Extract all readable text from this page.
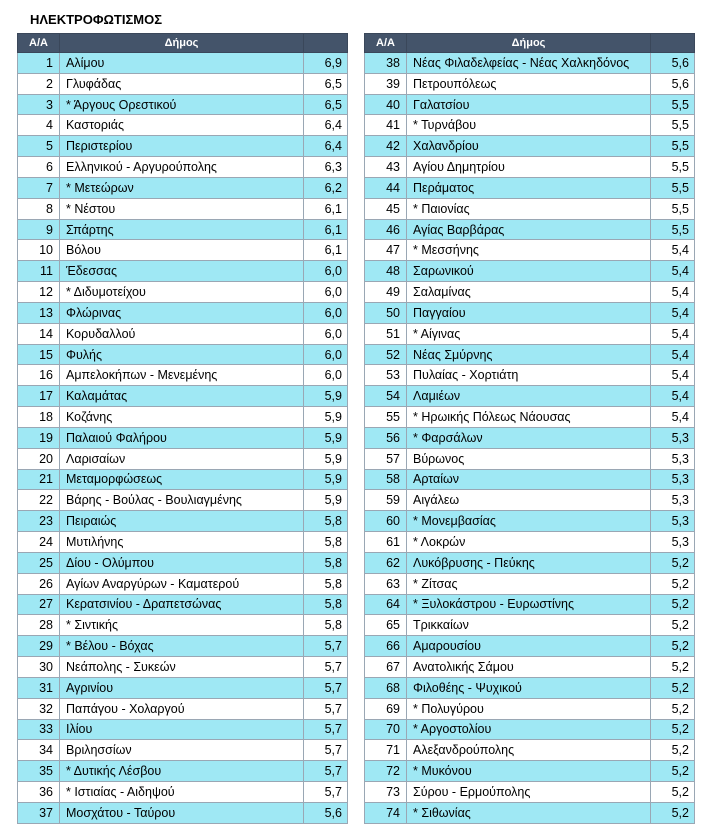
ΗΛΕΚΤΡΟΦΩΤΙΣΜΟΣ
Α/Α	Δήμος	
1	Αλίμου	6,9
2	Γλυφάδας	6,5
3	* Άργους Ορεστικού	6,5
4	Καστοριάς	6,4
5	Περιστερίου	6,4
6	Ελληνικού - Αργυρούπολης	6,3
7	* Μετεώρων	6,2
8	* Νέστου	6,1
9	Σπάρτης	6,1
10	Βόλου	6,1
11	Έδεσσας	6,0
12	* Διδυμοτείχου	6,0
13	Φλώρινας	6,0
14	Κορυδαλλού	6,0
15	Φυλής	6,0
16	Αμπελοκήπων - Μενεμένης	6,0
17	Καλαμάτας	5,9
18	Κοζάνης	5,9
19	Παλαιού Φαλήρου	5,9
20	Λαρισαίων	5,9
21	Μεταμορφώσεως	5,9
22	Βάρης - Βούλας - Βουλιαγμένης	5,9
23	Πειραιώς	5,8
24	Μυτιλήνης	5,8
25	Δίου - Ολύμπου	5,8
26	Αγίων Αναργύρων - Καματερού	5,8
27	Κερατσινίου - Δραπετσώνας	5,8
28	* Σιντικής	5,8
29	* Βέλου - Βόχας	5,7
30	Νεάπολης - Συκεών	5,7
31	Αγρινίου	5,7
32	Παπάγου - Χολαργού	5,7
33	Ιλίου	5,7
34	Βριλησσίων	5,7
35	* Δυτικής Λέσβου	5,7
36	* Ιστιαίας - Αιδηψού	5,7
37	Μοσχάτου - Ταύρου	5,6
Α/Α	Δήμος	
38	Νέας Φιλαδελφείας - Νέας Χαλκηδόνος	5,6
39	Πετρουπόλεως	5,6
40	Γαλατσίου	5,5
41	* Τυρνάβου	5,5
42	Χαλανδρίου	5,5
43	Αγίου Δημητρίου	5,5
44	Περάματος	5,5
45	* Παιονίας	5,5
46	Αγίας Βαρβάρας	5,5
47	* Μεσσήνης	5,4
48	Σαρωνικού	5,4
49	Σαλαμίνας	5,4
50	Παγγαίου	5,4
51	* Αίγινας	5,4
52	Νέας Σμύρνης	5,4
53	Πυλαίας - Χορτιάτη	5,4
54	Λαμιέων	5,4
55	* Ηρωικής Πόλεως Νάουσας	5,4
56	* Φαρσάλων	5,3
57	Βύρωνος	5,3
58	Αρταίων	5,3
59	Αιγάλεω	5,3
60	* Μονεμβασίας	5,3
61	* Λοκρών	5,3
62	Λυκόβρυσης - Πεύκης	5,2
63	* Ζίτσας	5,2
64	* Ξυλοκάστρου - Ευρωστίνης	5,2
65	Τρικκαίων	5,2
66	Αμαρουσίου	5,2
67	Ανατολικής Σάμου	5,2
68	Φιλοθέης - Ψυχικού	5,2
69	* Πολυγύρου	5,2
70	* Αργοστολίου	5,2
71	Αλεξανδρούπολης	5,2
72	* Μυκόνου	5,2
73	Σύρου - Ερμούπολης	5,2
74	* Σιθωνίας	5,2
